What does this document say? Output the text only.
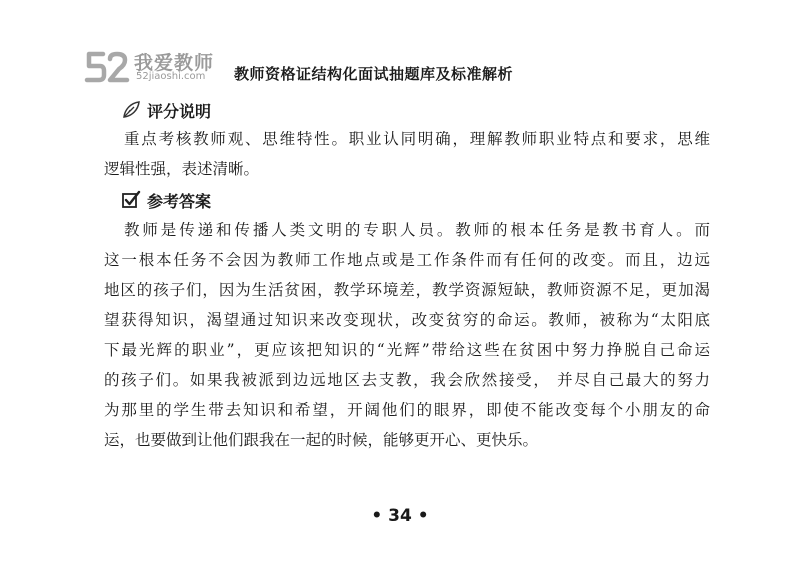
我爱教师
52jiaoshi.com 教师资格证结构化面试抽题库及标准解析
评分说明
重点考核教师观、思维特性。职业认同明确，理解教师职业特点和要求，思维
逻辑性强，表述清晰。
参考答案
教师是传递和传播人类文明的专职人员。教师的根本任务是教书育人。而
这一根本任务不会因为教师工作地点或是工作条件而有任何的改变。而且，边远
地区的孩子们，因为生活贫困，教学环境差，教学资源短缺，教师资源不足，更加渴
望获得知识，渴望通过知识来改变现状，改变贫穷的命运。教师，被称为“太阳底
下最光辉的职业”，更应该把知识的“光辉”带给这些在贫困中努力挣脱自己命运
的孩子们。如果我被派到边远地区去支教，我会欣然接受， 并尽自己最大的努力
为那里的学生带去知识和希望，开阔他们的眼界，即使不能改变每个小朋友的命
运，也要做到让他们跟我在一起的时候，能够更开心、更快乐。
• 34 •
